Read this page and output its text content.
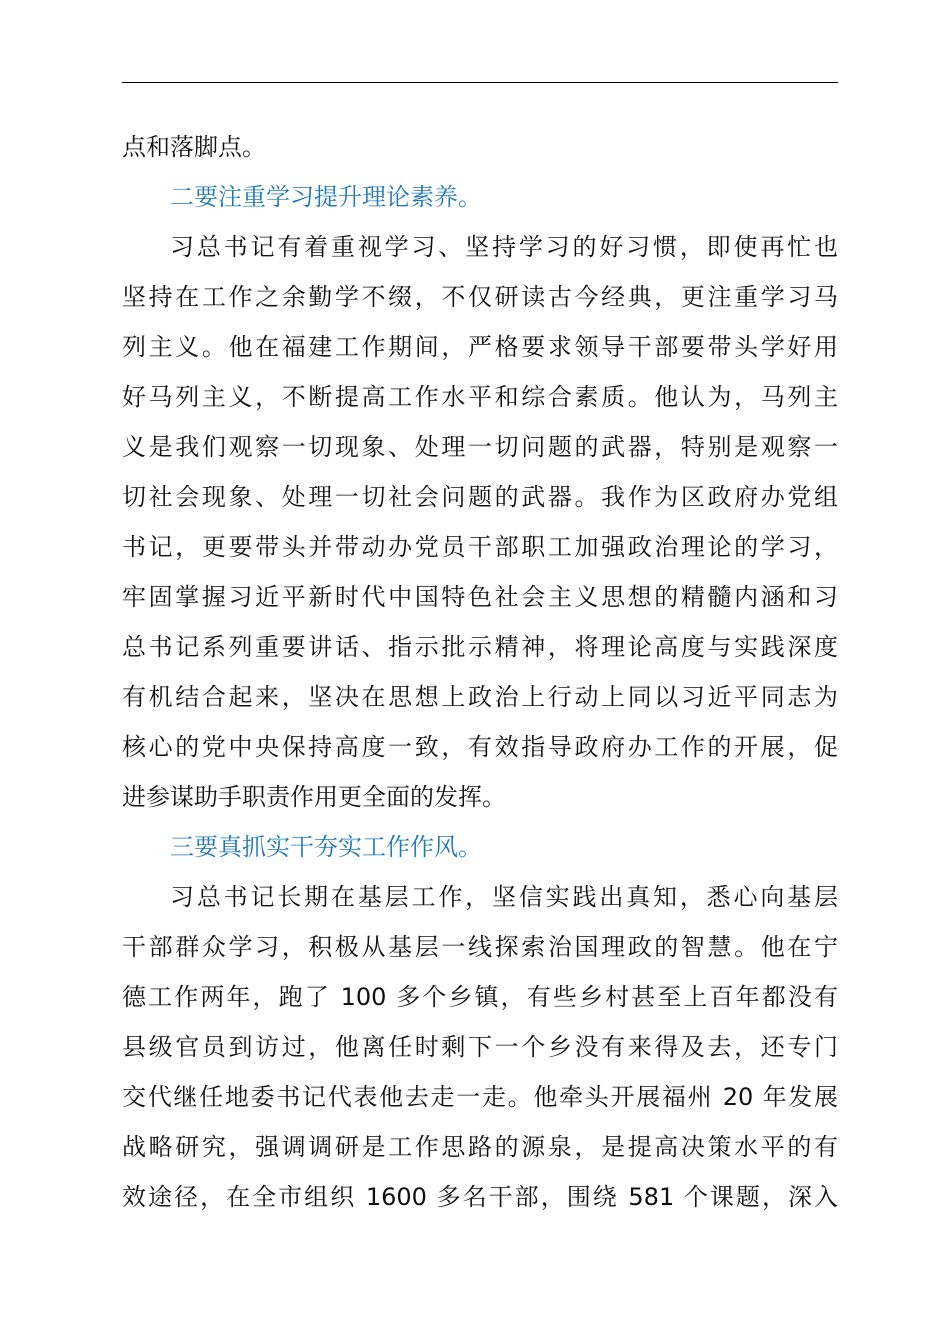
点和落脚点。
二要注重学习提升理论素养。
习总书记有着重视学习、坚持学习的好习惯，即使再忙也
坚持在工作之余勤学不缀，不仅研读古今经典，更注重学习马
列主义。他在福建工作期间，严格要求领导干部要带头学好用
好马列主义，不断提高工作水平和综合素质。他认为，马列主
义是我们观察一切现象、处理一切问题的武器，特别是观察一
切社会现象、处理一切社会问题的武器。我作为区政府办党组
书记，更要带头并带动办党员干部职工加强政治理论的学习，
牢固掌握习近平新时代中国特色社会主义思想的精髓内涵和习
总书记系列重要讲话、指示批示精神，将理论高度与实践深度
有机结合起来，坚决在思想上政治上行动上同以习近平同志为
核心的党中央保持高度一致，有效指导政府办工作的开展，促
进参谋助手职责作用更全面的发挥。
三要真抓实干夯实工作作风。
习总书记长期在基层工作，坚信实践出真知，悉心向基层
干部群众学习，积极从基层一线探索治国理政的智慧。他在宁
德工作两年，跑了 100 多个乡镇，有些乡村甚至上百年都没有
县级官员到访过，他离任时剩下一个乡没有来得及去，还专门
交代继任地委书记代表他去走一走。他牵头开展福州 20 年发展
战略研究，强调调研是工作思路的源泉，是提高决策水平的有
效途径，在全市组织 1600 多名干部，围绕 581 个课题，深入
